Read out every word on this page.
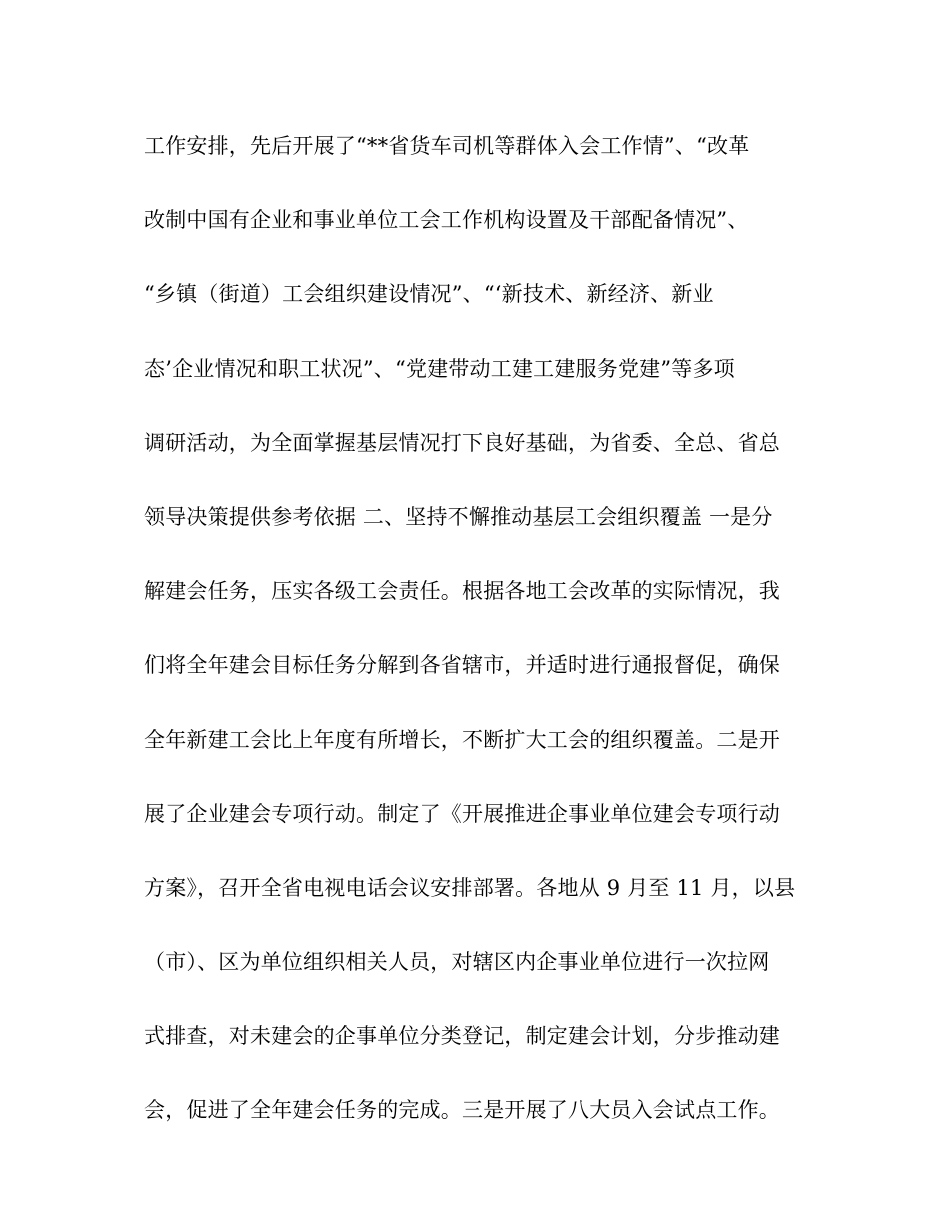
工作安排，先后开展了“**省货车司机等群体入会工作情”、“改革
改制中国有企业和事业单位工会工作机构设置及干部配备情况”、
“乡镇（街道）工会组织建设情况”、“‘新技术、新经济、新业
态’企业情况和职工状况”、“党建带动工建工建服务党建”等多项
调研活动，为全面掌握基层情况打下良好基础，为省委、全总、省总
领导决策提供参考依据 二、坚持不懈推动基层工会组织覆盖 一是分
解建会任务，压实各级工会责任。根据各地工会改革的实际情况，我
们将全年建会目标任务分解到各省辖市，并适时进行通报督促，确保
全年新建工会比上年度有所增长，不断扩大工会的组织覆盖。二是开
展了企业建会专项行动。制定了《开展推进企事业单位建会专项行动
方案》，召开全省电视电话会议安排部署。各地从 9 月至 11 月，以县
（市）、区为单位组织相关人员，对辖区内企事业单位进行一次拉网
式排查，对未建会的企事单位分类登记，制定建会计划，分步推动建
会，促进了全年建会任务的完成。三是开展了八大员入会试点工作。
